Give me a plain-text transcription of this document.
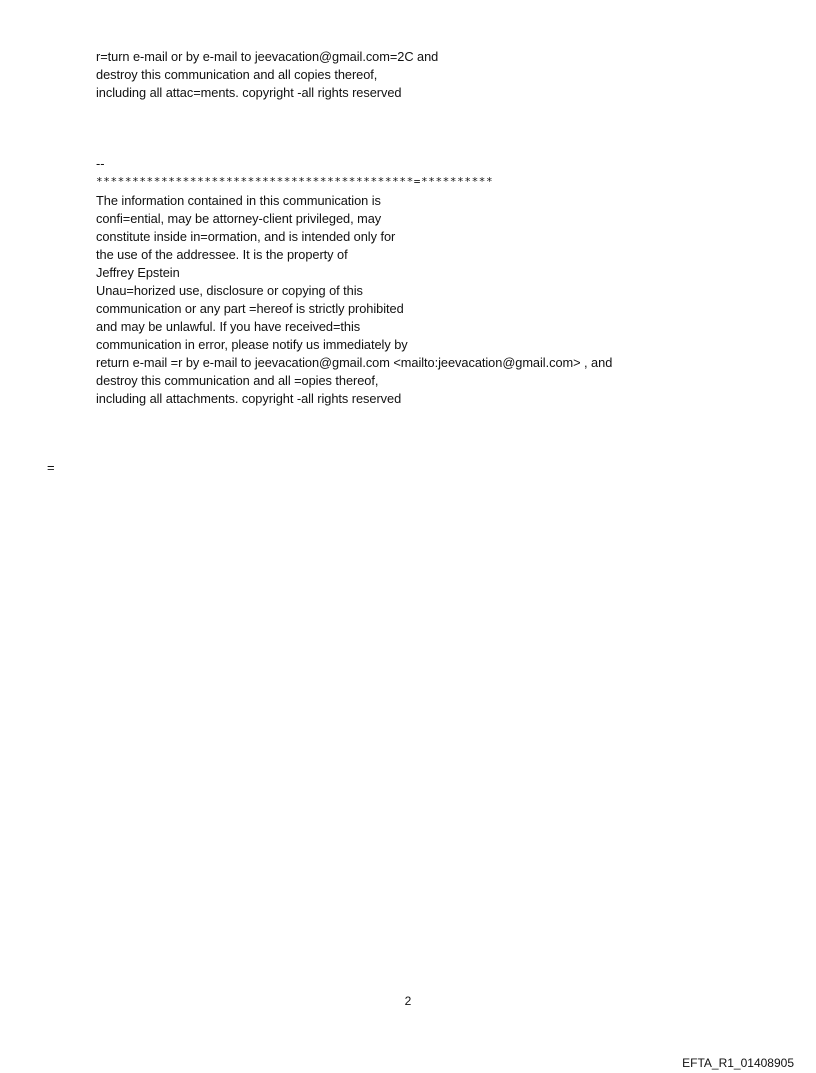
r=turn e-mail or by e-mail to jeevacation@gmail.com=2C and
destroy this communication and all copies thereof,
including all attac=ments. copyright -all rights reserved
--
********************************************=**********
The information contained in this communication is
confi=ential, may be attorney-client privileged, may
constitute inside in=ormation, and is intended only for
the use of the addressee. It is the property of
Jeffrey Epstein
Unau=horized use, disclosure or copying of this
communication or any part =hereof is strictly prohibited
and may be unlawful. If you have received=this
communication in error, please notify us immediately by
return e-mail =r by e-mail to jeevacation@gmail.com <mailto:jeevacation@gmail.com> , and
destroy this communication and all =opies thereof,
including all attachments. copyright -all rights reserved
=
2
EFTA_R1_01408905
